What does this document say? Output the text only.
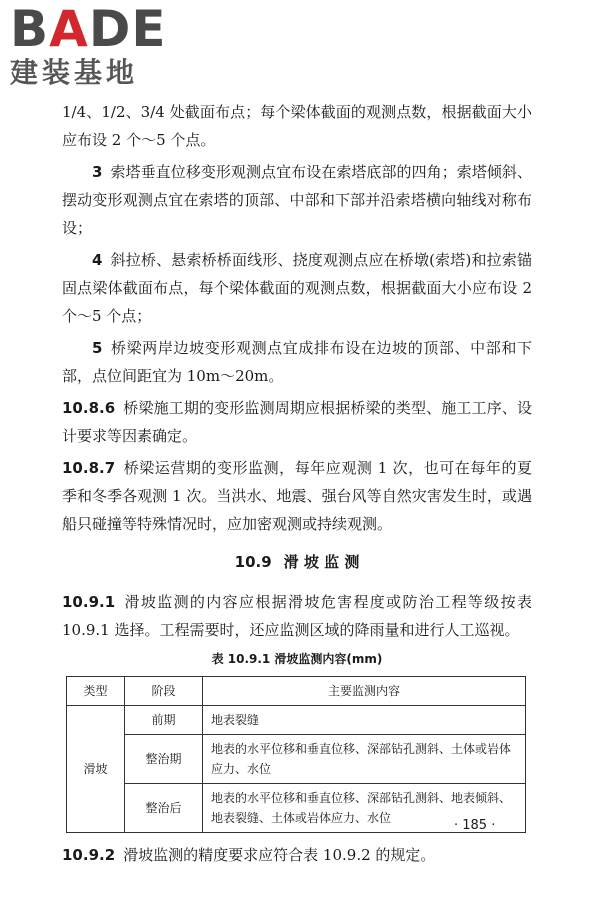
BADE
建装基地

1/4、1/2、3/4 处截面布点；每个梁体截面的观测点数，根据截面大小应布设 2 个～5 个点。

3 索塔垂直位移变形观测点宜布设在索塔底部的四角；索塔倾斜、摆动变形观测点宜在索塔的顶部、中部和下部并沿索塔横向轴线对称布设；

4 斜拉桥、悬索桥桥面线形、挠度观测点应在桥墩(索塔)和拉索锚固点梁体截面布点，每个梁体截面的观测点数，根据截面大小应布设 2 个～5 个点；

5 桥梁两岸边坡变形观测点宜成排布设在边坡的顶部、中部和下部，点位间距宜为 10m～20m。

10.8.6 桥梁施工期的变形监测周期应根据桥梁的类型、施工工序、设计要求等因素确定。

10.8.7 桥梁运营期的变形监测，每年应观测 1 次，也可在每年的夏季和冬季各观测 1 次。当洪水、地震、强台风等自然灾害发生时，或遇船只碰撞等特殊情况时，应加密观测或持续观测。

10.9 滑 坡 监 测

10.9.1 滑坡监测的内容应根据滑坡危害程度或防治工程等级按表 10.9.1 选择。工程需要时，还应监测区域的降雨量和进行人工巡视。

表 10.9.1 滑坡监测内容(mm)
类型	阶段	主要监测内容
滑坡	前期	地表裂缝
	整治期	地表的水平位移和垂直位移、深部钻孔测斜、土体或岩体应力、水位
	整治后	地表的水平位移和垂直位移、深部钻孔测斜、地表倾斜、地表裂缝、土体或岩体应力、水位

10.9.2 滑坡监测的精度要求应符合表 10.9.2 的规定。

· 185 ·
